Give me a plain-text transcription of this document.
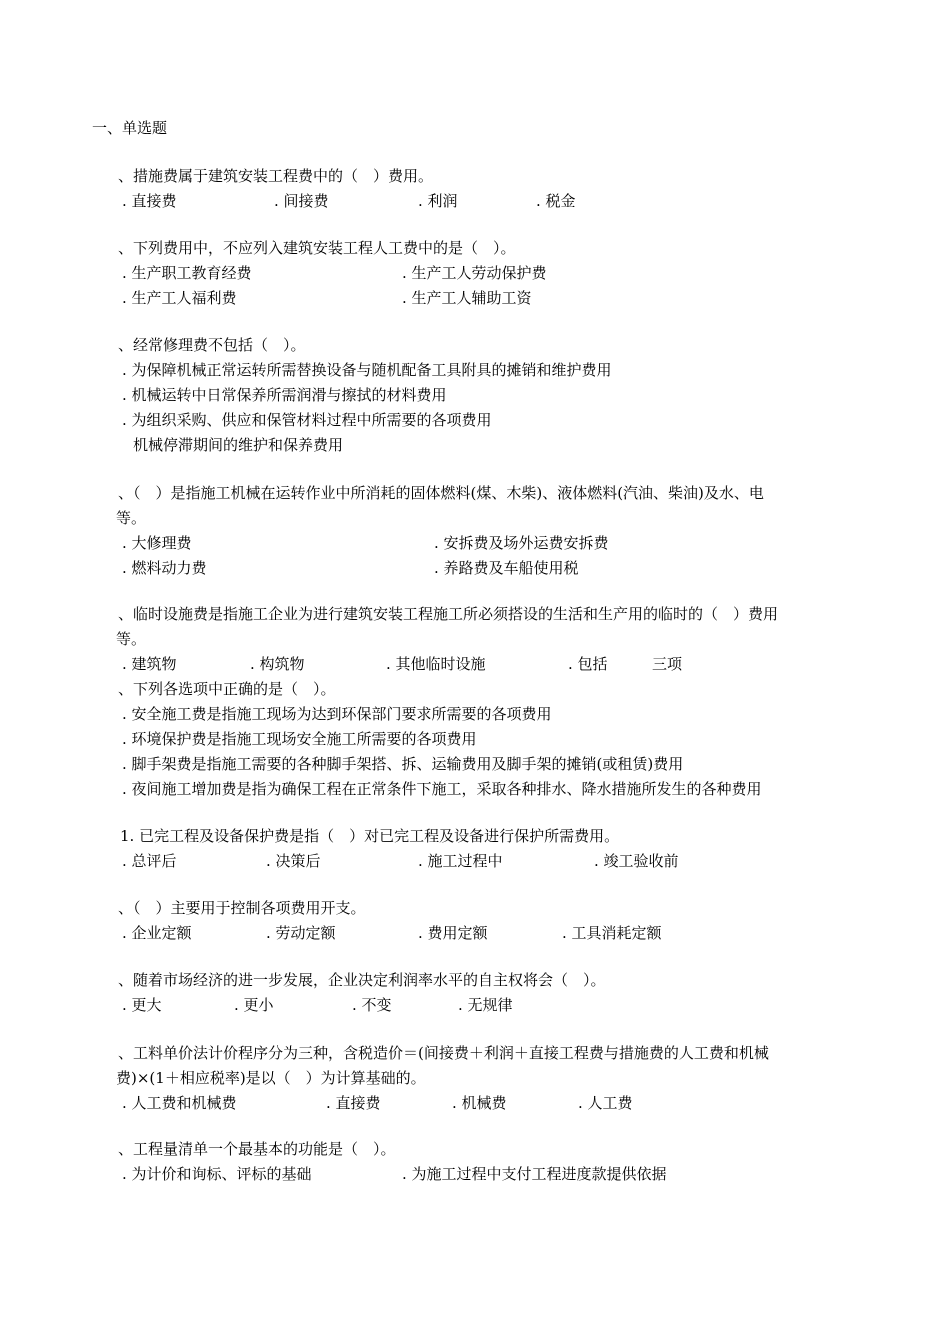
一、单选题
、措施费属于建筑安装工程费中的（　）费用。
. 直接费	. 间接费	. 利润	. 税金
、下列费用中，不应列入建筑安装工程人工费中的是（　）。
. 生产职工教育经费	. 生产工人劳动保护费
. 生产工人福利费	. 生产工人辅助工资
、经常修理费不包括（　）。
. 为保障机械正常运转所需替换设备与随机配备工具附具的摊销和维护费用
. 机械运转中日常保养所需润滑与擦拭的材料费用
. 为组织采购、供应和保管材料过程中所需要的各项费用
机械停滞期间的维护和保养费用
、（　）是指施工机械在运转作业中所消耗的固体燃料(煤、木柴)、液体燃料(汽油、柴油)及水、电
等。
. 大修理费	. 安拆费及场外运费安拆费
. 燃料动力费	. 养路费及车船使用税
、临时设施费是指施工企业为进行建筑安装工程施工所必须搭设的生活和生产用的临时的（　）费用
等。
. 建筑物	. 构筑物	. 其他临时设施	. 包括	三项
、下列各选项中正确的是（　）。
. 安全施工费是指施工现场为达到环保部门要求所需要的各项费用
. 环境保护费是指施工现场安全施工所需要的各项费用
. 脚手架费是指施工需要的各种脚手架搭、拆、运输费用及脚手架的摊销(或租赁)费用
. 夜间施工增加费是指为确保工程在正常条件下施工，采取各种排水、降水措施所发生的各种费用
1. 已完工程及设备保护费是指（　）对已完工程及设备进行保护所需费用。
. 总评后	. 决策后	. 施工过程中	. 竣工验收前
、（　）主要用于控制各项费用开支。
. 企业定额	. 劳动定额	. 费用定额	. 工具消耗定额
、随着市场经济的进一步发展，企业决定利润率水平的自主权将会（　）。
. 更大	. 更小	. 不变	. 无规律
、工料单价法计价程序分为三种，含税造价＝(间接费＋利润＋直接工程费与措施费的人工费和机械
费)×(1＋相应税率)是以（　）为计算基础的。
. 人工费和机械费	. 直接费	. 机械费	. 人工费
、工程量清单一个最基本的功能是（　）。
. 为计价和询标、评标的基础	. 为施工过程中支付工程进度款提供依据
